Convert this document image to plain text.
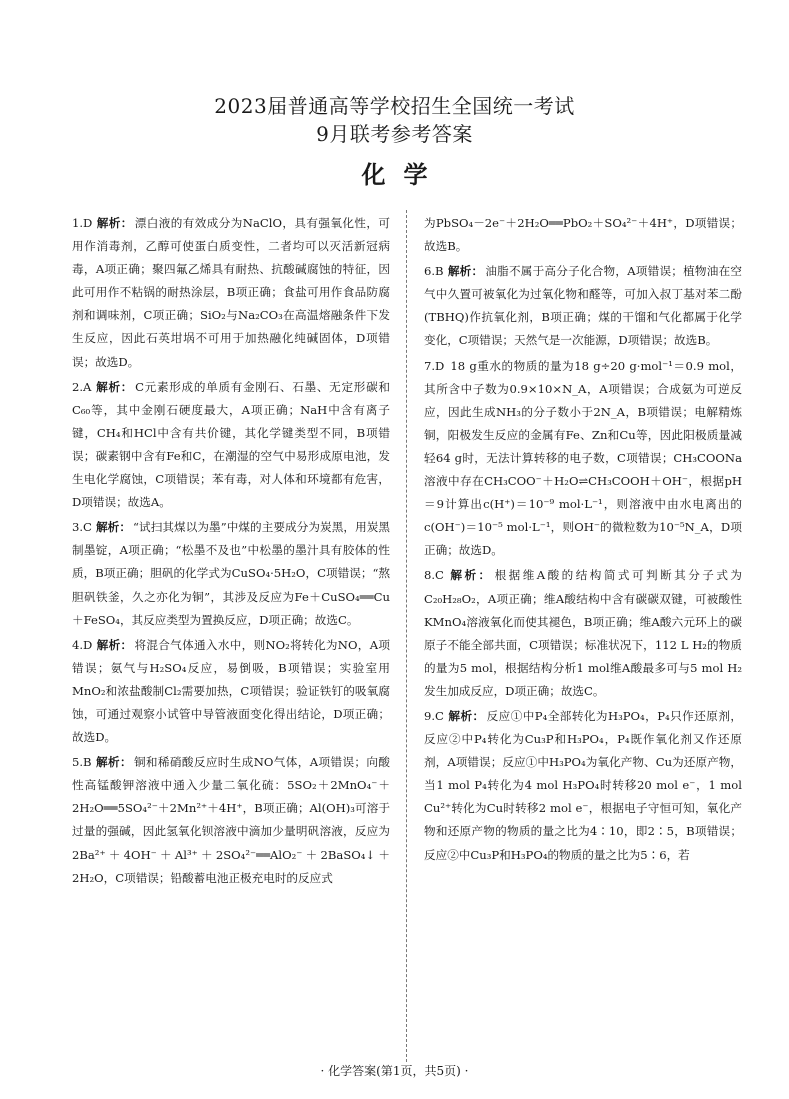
2023届普通高等学校招生全国统一考试
9月联考参考答案
化学
1.D 解析： 漂白液的有效成分为NaClO，具有强氧化性，可用作消毒剂，乙醇可使蛋白质变性，二者均可以灭活新冠病毒，A项正确；聚四氟乙烯具有耐热、抗酸碱腐蚀的特征，因此可用作不粘锅的耐热涂层，B项正确；食盐可用作食品防腐剂和调味剂，C项正确；SiO₂与Na₂CO₃在高温熔融条件下发生反应，因此石英坩埚不可用于加热融化纯碱固体，D项错误；故选D。
2.A 解析： C元素形成的单质有金刚石、石墨、无定形碳和C₆₀等，其中金刚石硬度最大，A项正确；NaH中含有离子键，CH₄和HCl中含有共价键，其化学键类型不同，B项错误；碳素钢中含有Fe和C，在潮湿的空气中易形成原电池，发生电化学腐蚀，C项错误；苯有毒，对人体和环境都有危害，D项错误；故选A。
3.C 解析： “试扫其煤以为墨”中煤的主要成分为炭黑，用炭黑制墨锭，A项正确；“松墨不及也”中松墨的墨汁具有胶体的性质，B项正确；胆矾的化学式为CuSO₄·5H₂O，C项错误；“熬胆矾铁釜，久之亦化为铜”，其涉及反应为Fe＋CuSO₄══Cu＋FeSO₄，其反应类型为置换反应，D项正确；故选C。
4.D 解析： 将混合气体通入水中，则NO₂将转化为NO，A项错误；氨气与H₂SO₄反应，易倒吸，B项错误；实验室用MnO₂和浓盐酸制Cl₂需要加热，C项错误；验证铁钉的吸氧腐蚀，可通过观察小试管中导管液面变化得出结论，D项正确；故选D。
5.B 解析： 铜和稀硝酸反应时生成NO气体，A项错误；向酸性高锰酸钾溶液中通入少量二氧化硫：5SO₂＋2MnO₄⁻＋2H₂O══5SO₄²⁻＋2Mn²⁺＋4H⁺，B项正确；Al(OH)₃可溶于过量的强碱，因此氢氧化钡溶液中滴加少量明矾溶液，反应为2Ba²⁺＋4OH⁻＋Al³⁺＋2SO₄²⁻══AlO₂⁻＋2BaSO₄↓＋2H₂O，C项错误；铅酸蓄电池正极充电时的反应式
为PbSO₄－2e⁻＋2H₂O══PbO₂＋SO₄²⁻＋4H⁺，D项错误；故选B。
6.B 解析： 油脂不属于高分子化合物，A项错误；植物油在空气中久置可被氧化为过氧化物和醛等，可加入叔丁基对苯二酚(TBHQ)作抗氧化剂，B项正确；煤的干馏和气化都属于化学变化，C项错误；天然气是一次能源，D项错误；故选B。
7.D 18 g重水的物质的量为18 g÷20 g·mol⁻¹＝0.9 mol，其所含中子数为0.9×10×N_A，A项错误；合成氨为可逆反应，因此生成NH₃的分子数小于2N_A，B项错误；电解精炼铜，阳极发生反应的金属有Fe、Zn和Cu等，因此阳极质量减轻64 g时，无法计算转移的电子数，C项错误；CH₃COONa溶液中存在CH₃COO⁻＋H₂O⇌CH₃COOH＋OH⁻，根据pH＝9计算出c(H⁺)＝10⁻⁹ mol·L⁻¹，则溶液中由水电离出的c(OH⁻)＝10⁻⁵ mol·L⁻¹，则OH⁻的微粒数为10⁻⁵N_A，D项正确；故选D。
8.C 解析： 根据维A酸的结构简式可判断其分子式为C₂₀H₂₈O₂，A项正确；维A酸结构中含有碳碳双键，可被酸性KMnO₄溶液氧化而使其褪色，B项正确；维A酸六元环上的碳原子不能全部共面，C项错误；标准状况下，112 L H₂的物质的量为5 mol，根据结构分析1 mol维A酸最多可与5 mol H₂发生加成反应，D项正确；故选C。
9.C 解析： 反应①中P₄全部转化为H₃PO₄，P₄只作还原剂，反应②中P₄转化为Cu₃P和H₃PO₄，P₄既作氧化剂又作还原剂，A项错误；反应①中H₃PO₄为氧化产物、Cu为还原产物，当1 mol P₄转化为4 mol H₃PO₄时转移20 mol e⁻，1 mol Cu²⁺转化为Cu时转移2 mol e⁻，根据电子守恒可知，氧化产物和还原产物的物质的量之比为4∶10，即2∶5，B项错误；反应②中Cu₃P和H₃PO₄的物质的量之比为5∶6，若
· 化学答案(第1页，共5页) ·
